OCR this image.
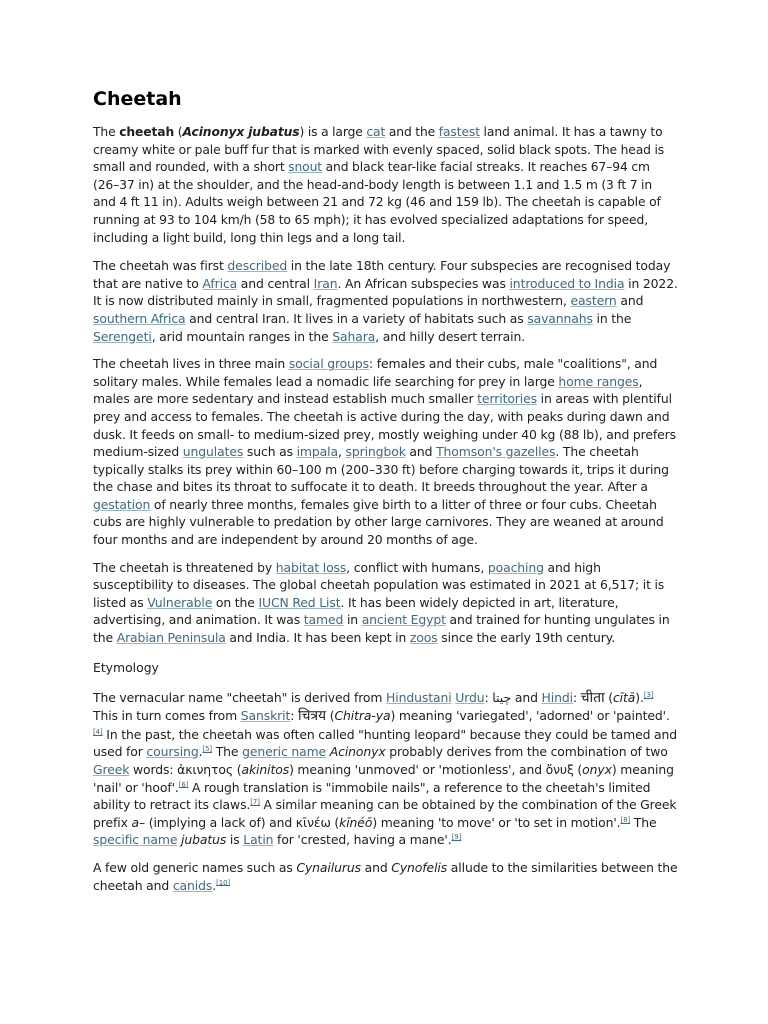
Cheetah

The cheetah (Acinonyx jubatus) is a large cat and the fastest land animal. It has a tawny to creamy white or pale buff fur that is marked with evenly spaced, solid black spots. The head is small and rounded, with a short snout and black tear-like facial streaks. It reaches 67–94 cm (26–37 in) at the shoulder, and the head-and-body length is between 1.1 and 1.5 m (3 ft 7 in and 4 ft 11 in). Adults weigh between 21 and 72 kg (46 and 159 lb). The cheetah is capable of running at 93 to 104 km/h (58 to 65 mph); it has evolved specialized adaptations for speed, including a light build, long thin legs and a long tail.

The cheetah was first described in the late 18th century. Four subspecies are recognised today that are native to Africa and central Iran. An African subspecies was introduced to India in 2022. It is now distributed mainly in small, fragmented populations in northwestern, eastern and southern Africa and central Iran. It lives in a variety of habitats such as savannahs in the Serengeti, arid mountain ranges in the Sahara, and hilly desert terrain.

The cheetah lives in three main social groups: females and their cubs, male "coalitions", and solitary males. While females lead a nomadic life searching for prey in large home ranges, males are more sedentary and instead establish much smaller territories in areas with plentiful prey and access to females. The cheetah is active during the day, with peaks during dawn and dusk. It feeds on small- to medium-sized prey, mostly weighing under 40 kg (88 lb), and prefers medium-sized ungulates such as impala, springbok and Thomson's gazelles. The cheetah typically stalks its prey within 60–100 m (200–330 ft) before charging towards it, trips it during the chase and bites its throat to suffocate it to death. It breeds throughout the year. After a gestation of nearly three months, females give birth to a litter of three or four cubs. Cheetah cubs are highly vulnerable to predation by other large carnivores. They are weaned at around four months and are independent by around 20 months of age.

The cheetah is threatened by habitat loss, conflict with humans, poaching and high susceptibility to diseases. The global cheetah population was estimated in 2021 at 6,517; it is listed as Vulnerable on the IUCN Red List. It has been widely depicted in art, literature, advertising, and animation. It was tamed in ancient Egypt and trained for hunting ungulates in the Arabian Peninsula and India. It has been kept in zoos since the early 19th century.

Etymology

The vernacular name "cheetah" is derived from Hindustani Urdu: چیتا and Hindi: चीता (cītā).[3] This in turn comes from Sanskrit: चित्रय (Chitra-ya) meaning 'variegated', 'adorned' or 'painted'.[4] In the past, the cheetah was often called "hunting leopard" because they could be tamed and used for coursing.[5] The generic name Acinonyx probably derives from the combination of two Greek words: ἀκινητος (akinitos) meaning 'unmoved' or 'motionless', and ὄνυξ (onyx) meaning 'nail' or 'hoof'.[6] A rough translation is "immobile nails", a reference to the cheetah's limited ability to retract its claws.[7] A similar meaning can be obtained by the combination of the Greek prefix a– (implying a lack of) and κῑνέω (kīnéō) meaning 'to move' or 'to set in motion'.[8] The specific name jubatus is Latin for 'crested, having a mane'.[9]

A few old generic names such as Cynailurus and Cynofelis allude to the similarities between the cheetah and canids.[10]
